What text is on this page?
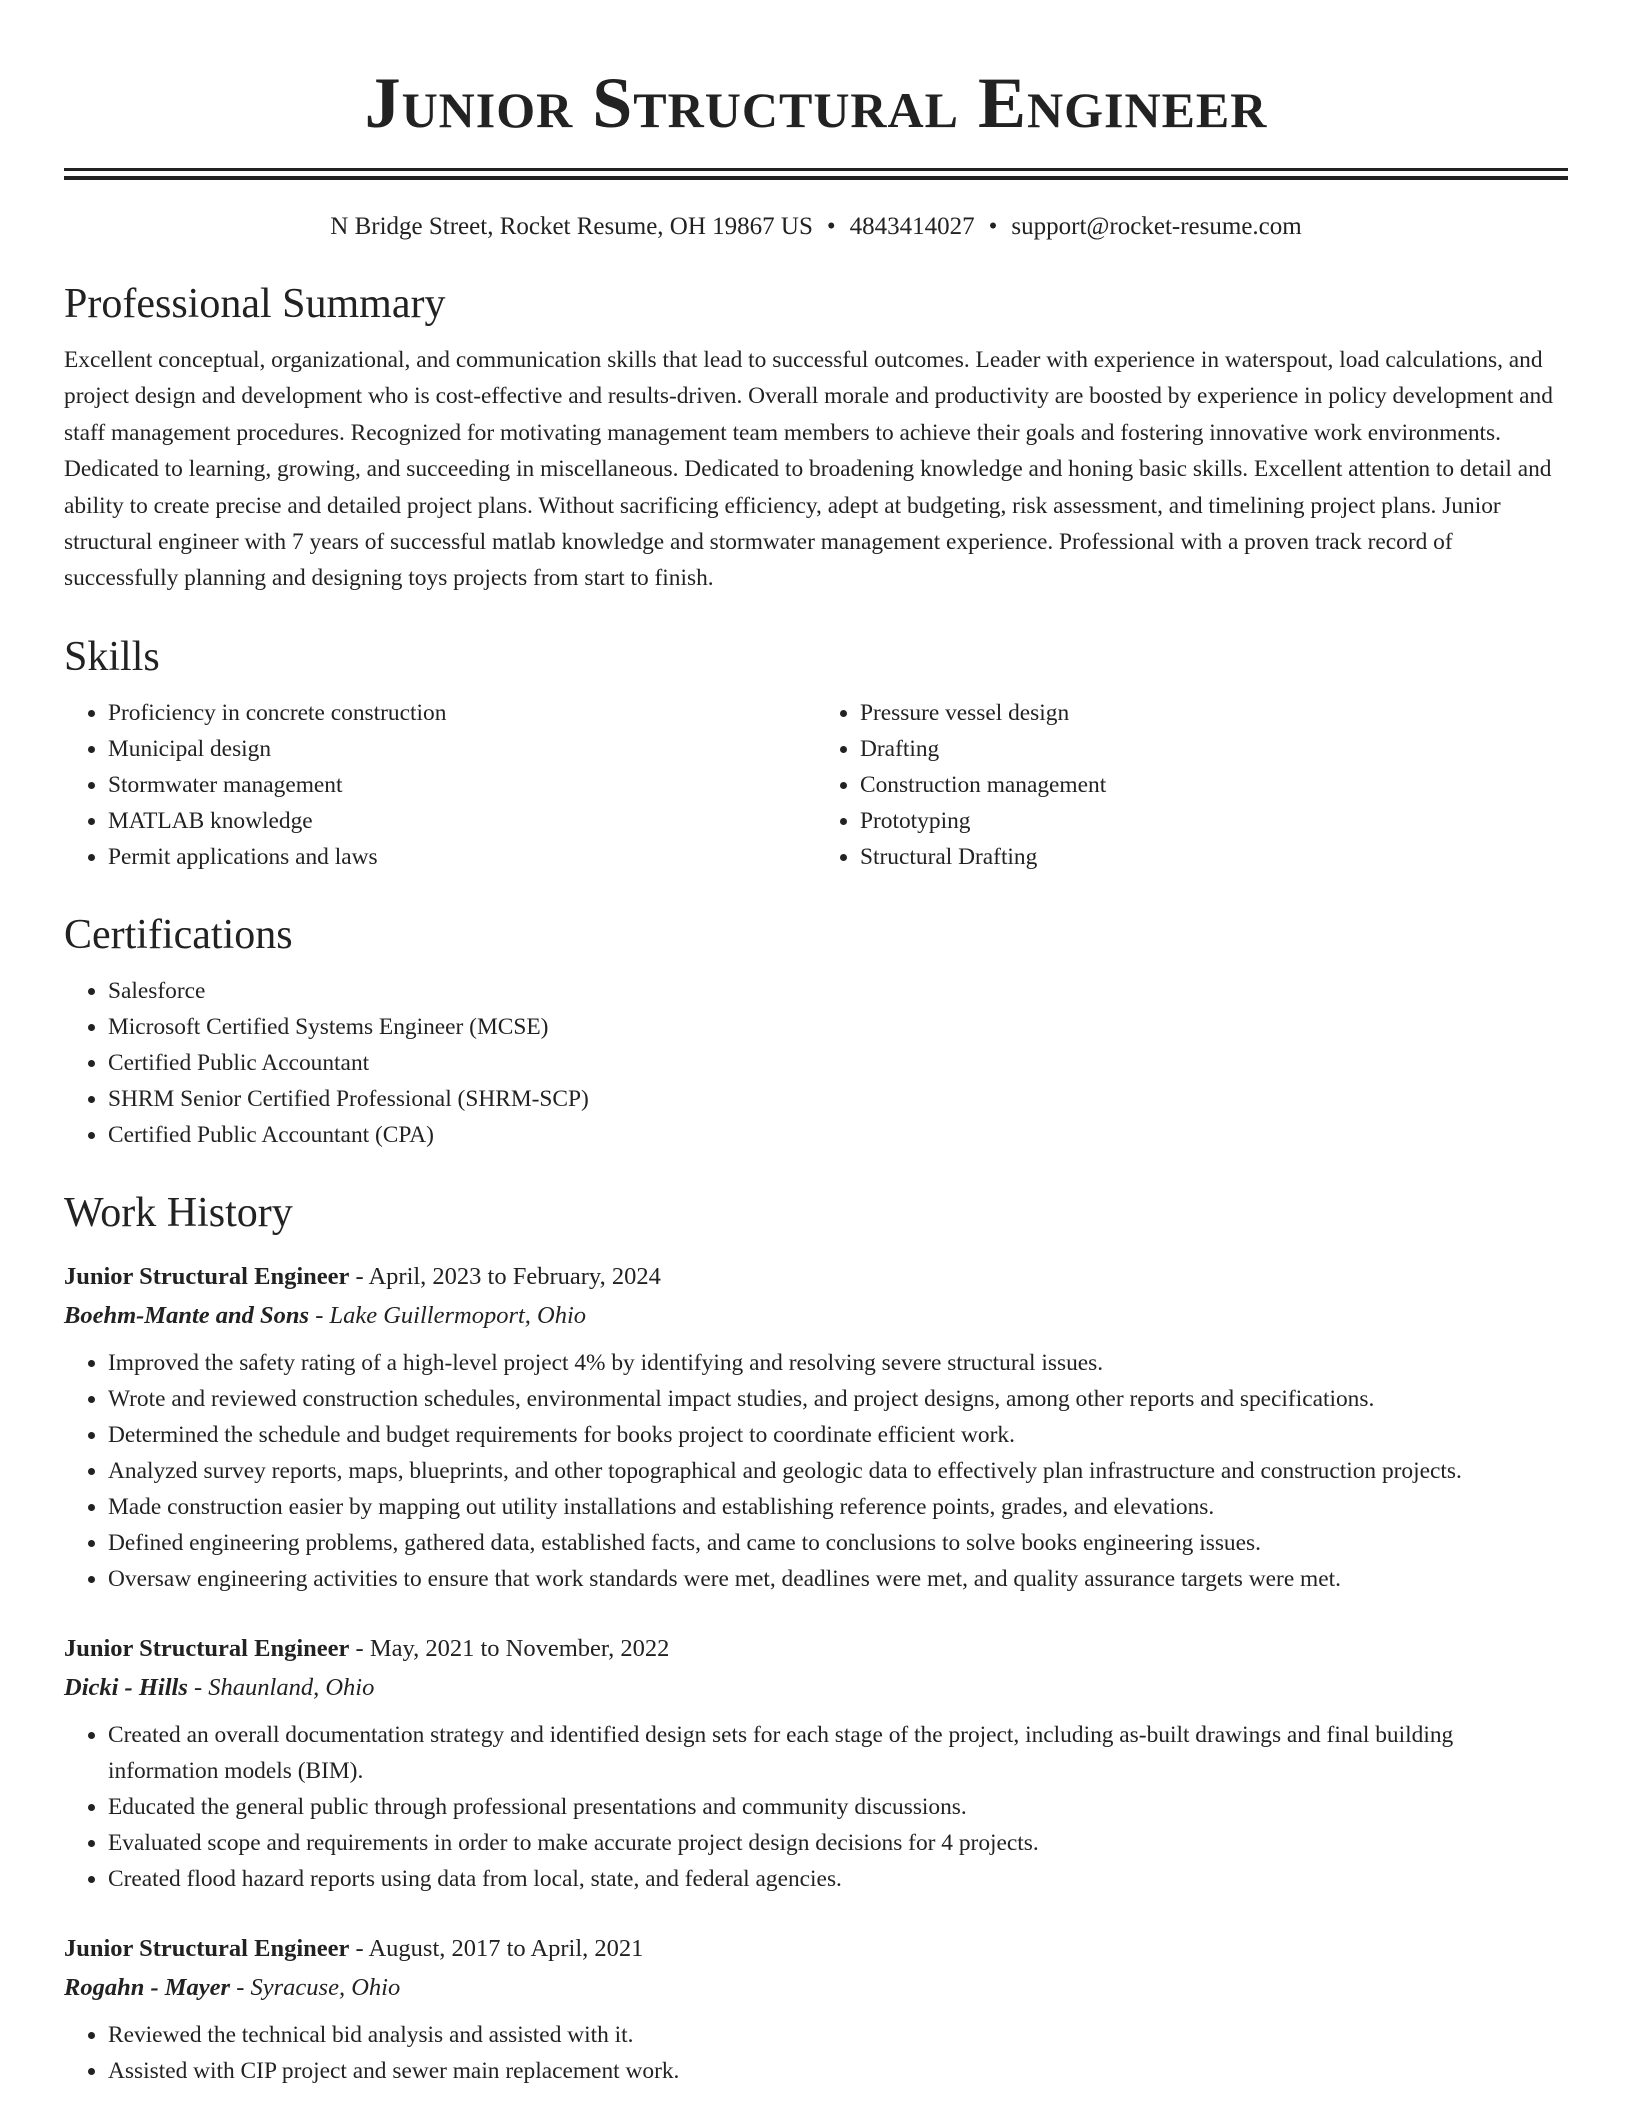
Junior Structural Engineer
N Bridge Street, Rocket Resume, OH 19867 US • 4843414027 • support@rocket-resume.com
Professional Summary

Excellent conceptual, organizational, and communication skills that lead to successful outcomes. Leader with experience in waterspout, load calculations, and project design and development who is cost-effective and results-driven. Overall morale and productivity are boosted by experience in policy development and staff management procedures. Recognized for motivating management team members to achieve their goals and fostering innovative work environments. Dedicated to learning, growing, and succeeding in miscellaneous. Dedicated to broadening knowledge and honing basic skills. Excellent attention to detail and ability to create precise and detailed project plans. Without sacrificing efficiency, adept at budgeting, risk assessment, and timelining project plans. Junior structural engineer with 7 years of successful matlab knowledge and stormwater management experience. Professional with a proven track record of successfully planning and designing toys projects from start to finish.

Skills
• Proficiency in concrete construction
• Municipal design
• Stormwater management
• MATLAB knowledge
• Permit applications and laws
• Pressure vessel design
• Drafting
• Construction management
• Prototyping
• Structural Drafting
Certifications
• Salesforce
• Microsoft Certified Systems Engineer (MCSE)
• Certified Public Accountant
• SHRM Senior Certified Professional (SHRM-SCP)
• Certified Public Accountant (CPA)
Work History
Junior Structural Engineer - April, 2023 to February, 2024
Boehm-Mante and Sons - Lake Guillermoport, Ohio
• Improved the safety rating of a high-level project 4% by identifying and resolving severe structural issues.
• Wrote and reviewed construction schedules, environmental impact studies, and project designs, among other reports and specifications.
• Determined the schedule and budget requirements for books project to coordinate efficient work.
• Analyzed survey reports, maps, blueprints, and other topographical and geologic data to effectively plan infrastructure and construction projects.
• Made construction easier by mapping out utility installations and establishing reference points, grades, and elevations.
• Defined engineering problems, gathered data, established facts, and came to conclusions to solve books engineering issues.
• Oversaw engineering activities to ensure that work standards were met, deadlines were met, and quality assurance targets were met.
Junior Structural Engineer - May, 2021 to November, 2022
Dicki - Hills - Shaunland, Ohio
• Created an overall documentation strategy and identified design sets for each stage of the project, including as-built drawings and final building information models (BIM).
• Educated the general public through professional presentations and community discussions.
• Evaluated scope and requirements in order to make accurate project design decisions for 4 projects.
• Created flood hazard reports using data from local, state, and federal agencies.
Junior Structural Engineer - August, 2017 to April, 2021
Rogahn - Mayer - Syracuse, Ohio
• Reviewed the technical bid analysis and assisted with it.
• Assisted with CIP project and sewer main replacement work.
